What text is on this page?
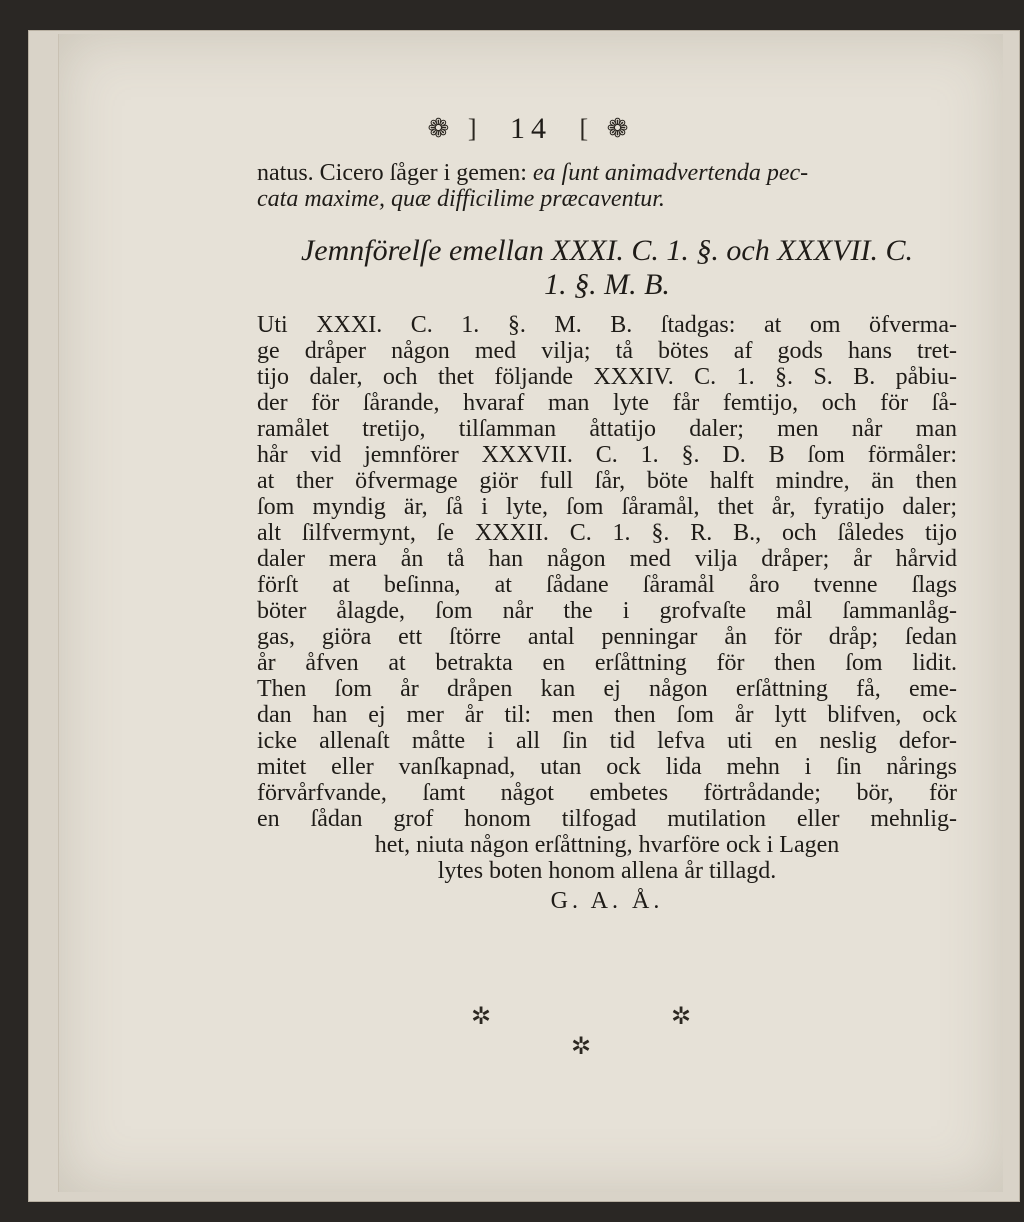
❁ ] 14 [ ❁

natus. Cicero ſåger i gemen: ea ſunt animadvertenda pec-
cata maxime, quæ difficilime præcaventur.

Jemnförelſe emellan XXXI. C. 1. §. och XXXVII. C.
1. §. M. B.

Uti XXXI. C. 1. §. M. B. ſtadgas: at om öfverma-
ge dråper någon med vilja; tå bötes af gods hans tret-
tijo daler, och thet följande XXXIV. C. 1. §. S. B. påbiu-
der för ſårande, hvaraf man lyte får femtijo, och för ſå-
ramålet tretijo, tilſamman åttatijo daler; men når man
hår vid jemnförer XXXVII. C. 1. §. D. B ſom förmåler:
at ther öfvermage giör full ſår, böte halft mindre, än then
ſom myndig är, ſå i lyte, ſom ſåramål, thet år, fyratijo daler;
alt ſilfvermynt, ſe XXXII. C. 1. §. R. B., och ſåledes tijo
daler mera ån tå han någon med vilja dråper; år hårvid
förſt at beſinna, at ſådane ſåramål åro tvenne ſlags
böter ålagde, ſom når the i grofvaſte mål ſammanlåg-
gas, giöra ett ſtörre antal penningar ån för dråp; ſedan
år åfven at betrakta en erſåttning för then ſom lidit.
Then ſom år dråpen kan ej någon erſåttning få, eme-
dan han ej mer år til: men then ſom år lytt blifven, ock
icke allenaſt måtte i all ſin tid lefva uti en neslig defor-
mitet eller vanſkapnad, utan ock lida mehn i ſin nårings
förvårfvande, ſamt något embetes förtrådande; bör, för
en ſådan grof honom tilfogad mutilation eller mehnlig-

het, niuta någon erſåttning, hvarföre ock i Lagen
lytes boten honom allena år tillagd.

G. A. Å.

✲	✲
✲
